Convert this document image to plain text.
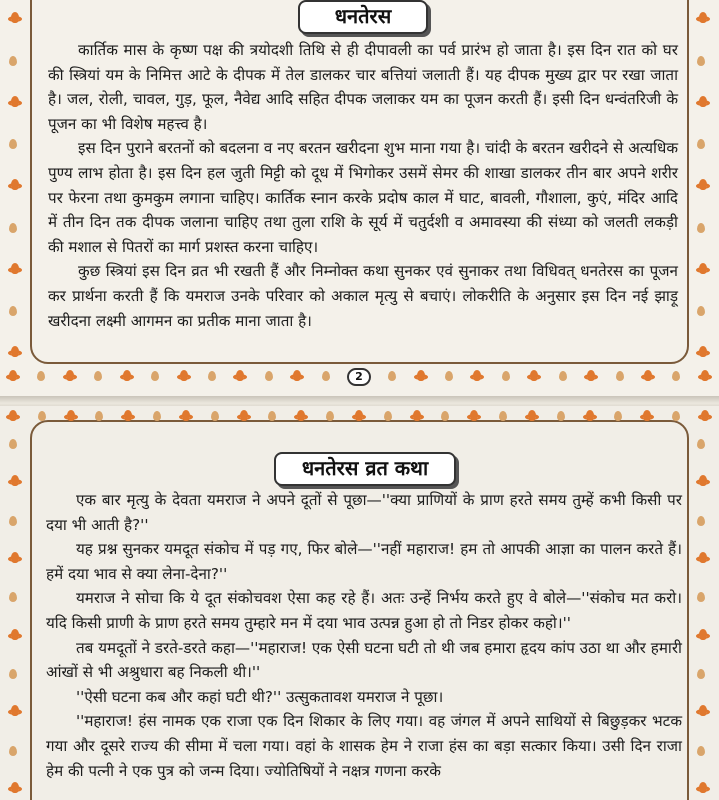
धनतेरस

कार्तिक मास के कृष्ण पक्ष की त्रयोदशी तिथि से ही दीपावली का पर्व प्रारंभ हो जाता है। इस दिन रात को घर की स्त्रियां यम के निमित्त आटे के दीपक में तेल डालकर चार बत्तियां जलाती हैं। यह दीपक मुख्य द्वार पर रखा जाता है। जल, रोली, चावल, गुड़, फूल, नैवेद्य आदि सहित दीपक जलाकर यम का पूजन करती हैं। इसी दिन धन्वंतरिजी के पूजन का भी विशेष महत्त्व है।

इस दिन पुराने बरतनों को बदलना व नए बरतन खरीदना शुभ माना गया है। चांदी के बरतन खरीदने से अत्यधिक पुण्य लाभ होता है। इस दिन हल जुती मिट्टी को दूध में भिगोकर उसमें सेमर की शाखा डालकर तीन बार अपने शरीर पर फेरना तथा कुमकुम लगाना चाहिए। कार्तिक स्नान करके प्रदोष काल में घाट, बावली, गौशाला, कुएं, मंदिर आदि में तीन दिन तक दीपक जलाना चाहिए तथा तुला राशि के सूर्य में चतुर्दशी व अमावस्या की संध्या को जलती लकड़ी की मशाल से पितरों का मार्ग प्रशस्त करना चाहिए।

कुछ स्त्रियां इस दिन व्रत भी रखती हैं और निम्नोक्त कथा सुनकर एवं सुनाकर तथा विधिवत् धनतेरस का पूजन कर प्रार्थना करती हैं कि यमराज उनके परिवार को अकाल मृत्यु से बचाएं। लोकरीति के अनुसार इस दिन नई झाड़ू खरीदना लक्ष्मी आगमन का प्रतीक माना जाता है।

2
धनतेरस व्रत कथा

एक बार मृत्यु के देवता यमराज ने अपने दूतों से पूछा—''क्या प्राणियों के प्राण हरते समय तुम्हें कभी किसी पर दया भी आती है?''

यह प्रश्न सुनकर यमदूत संकोच में पड़ गए, फिर बोले—''नहीं महाराज! हम तो आपकी आज्ञा का पालन करते हैं। हमें दया भाव से क्या लेना-देना?''

यमराज ने सोचा कि ये दूत संकोचवश ऐसा कह रहे हैं। अतः उन्हें निर्भय करते हुए वे बोले—''संकोच मत करो। यदि किसी प्राणी के प्राण हरते समय तुम्हारे मन में दया भाव उत्पन्न हुआ हो तो निडर होकर कहो।''

तब यमदूतों ने डरते-डरते कहा—''महाराज! एक ऐसी घटना घटी तो थी जब हमारा हृदय कांप उठा था और हमारी आंखों से भी अश्रुधारा बह निकली थी।''

''ऐसी घटना कब और कहां घटी थी?'' उत्सुकतावश यमराज ने पूछा।

''महाराज! हंस नामक एक राजा एक दिन शिकार के लिए गया। वह जंगल में अपने साथियों से बिछुड़कर भटक गया और दूसरे राज्य की सीमा में चला गया। वहां के शासक हेम ने राजा हंस का बड़ा सत्कार किया। उसी दिन राजा हेम की पत्नी ने एक पुत्र को जन्म दिया। ज्योतिषियों ने नक्षत्र गणना करके
